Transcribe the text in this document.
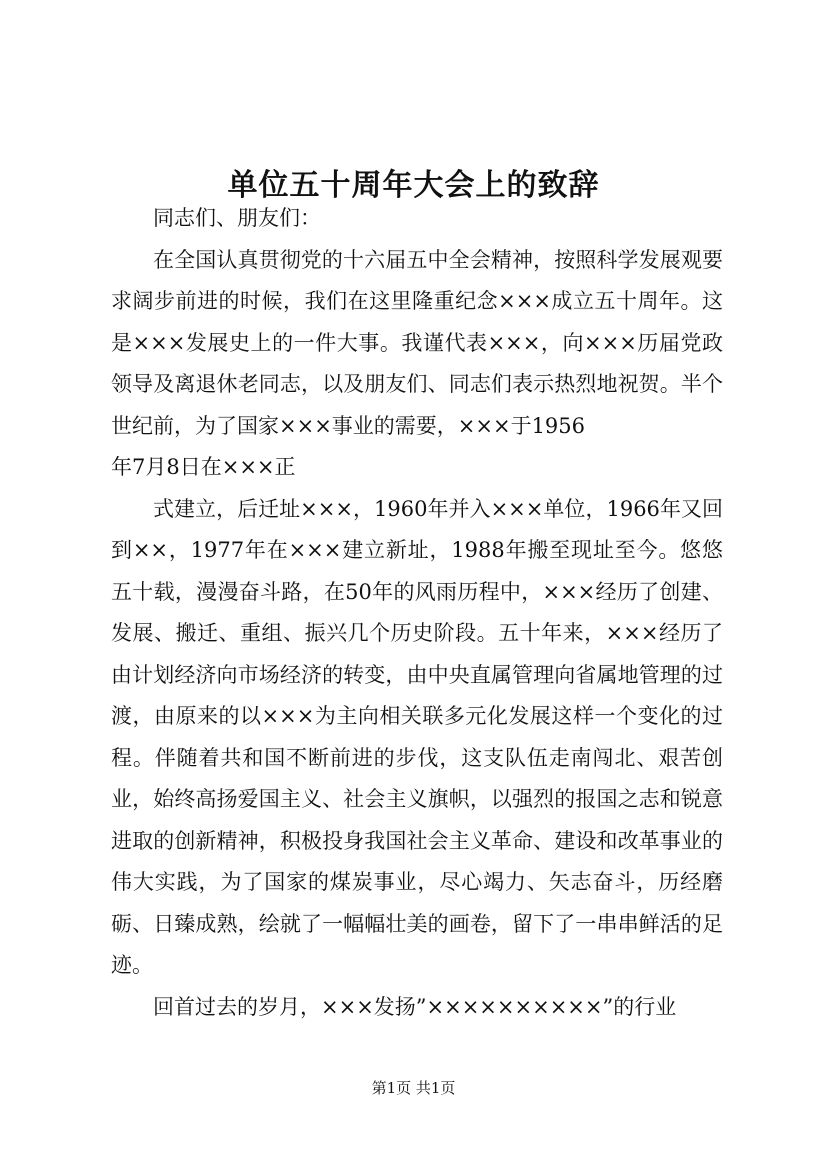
单位五十周年大会上的致辞

同志们、朋友们：

在全国认真贯彻党的十六届五中全会精神，按照科学发展观要求阔步前进的时候，我们在这里隆重纪念×××成立五十周年。这是×××发展史上的一件大事。我谨代表×××，向×××历届党政领导及离退休老同志，以及朋友们、同志们表示热烈地祝贺。半个世纪前，为了国家×××事业的需要，×××于1956

年7月8日在×××正

式建立，后迁址×××，1960年并入×××单位，1966年又回到××，1977年在×××建立新址，1988年搬至现址至今。悠悠五十载，漫漫奋斗路，在50年的风雨历程中，×××经历了创建、发展、搬迁、重组、振兴几个历史阶段。五十年来，×××经历了由计划经济向市场经济的转变，由中央直属管理向省属地管理的过渡，由原来的以×××为主向相关联多元化发展这样一个变化的过程。伴随着共和国不断前进的步伐，这支队伍走南闯北、艰苦创业，始终高扬爱国主义、社会主义旗帜，以强烈的报国之志和锐意进取的创新精神，积极投身我国社会主义革命、建设和改革事业的伟大实践，为了国家的煤炭事业，尽心竭力、矢志奋斗，历经磨砺、日臻成熟，绘就了一幅幅壮美的画卷，留下了一串串鲜活的足迹。

回首过去的岁月，×××发扬”××××××××××”的行业

第1页 共1页
